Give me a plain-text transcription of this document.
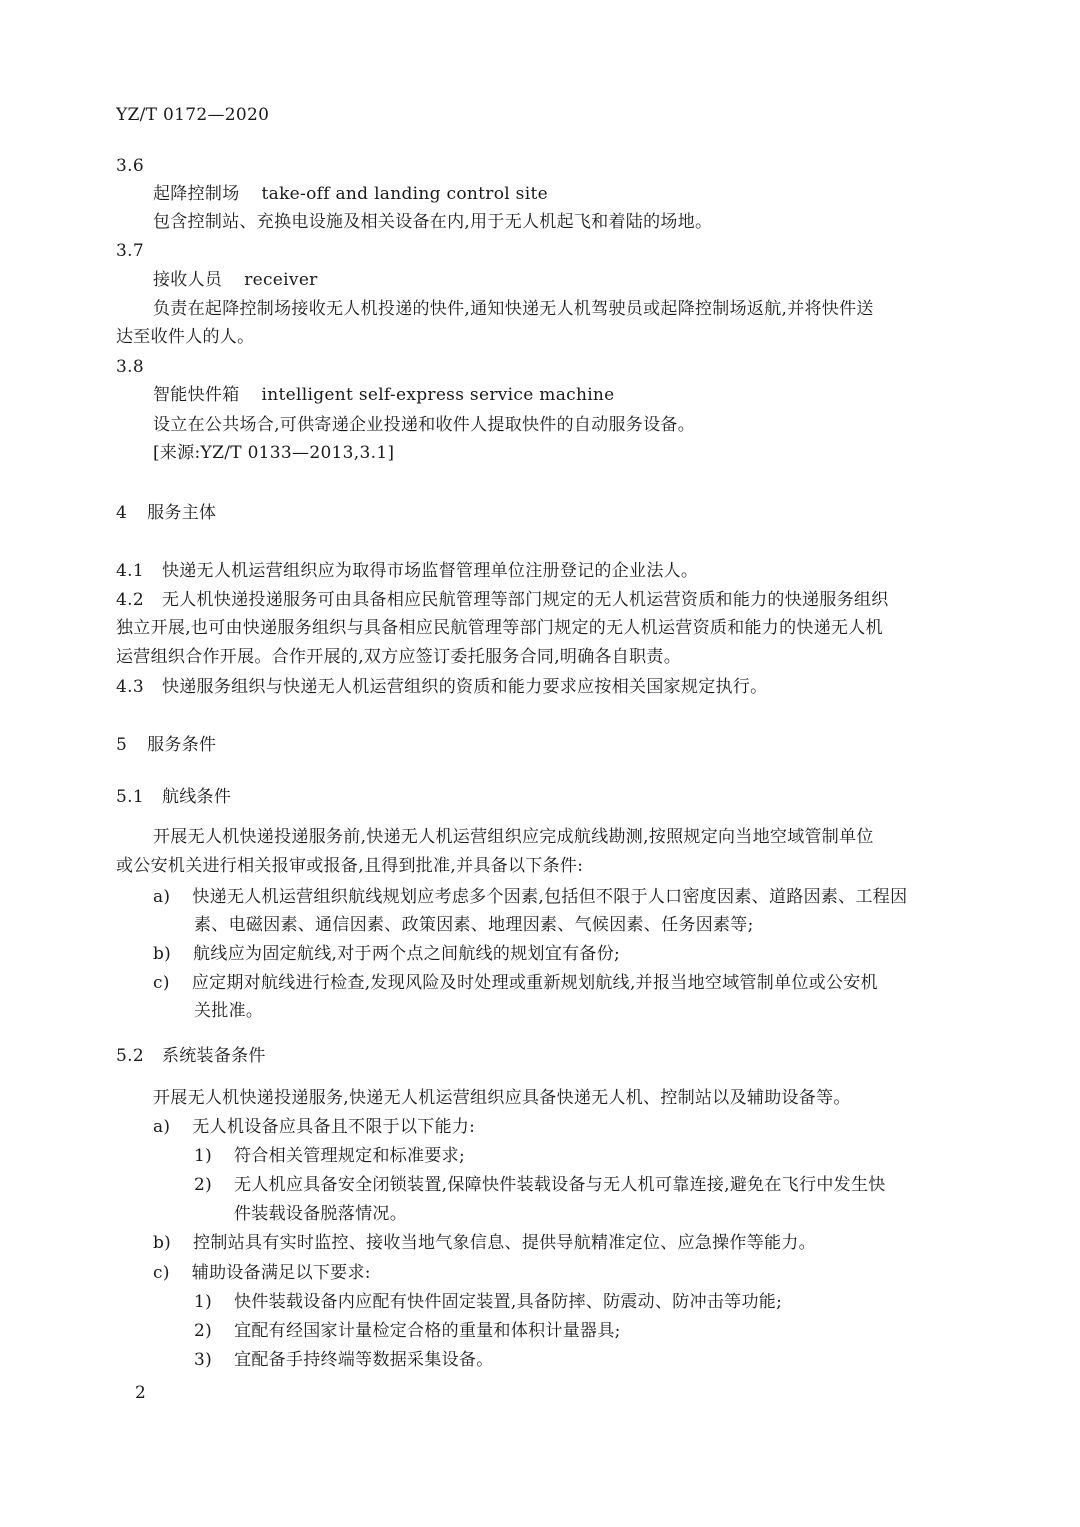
YZ/T 0172—2020
3.6
起降控制场 take-off and landing control site
包含控制站、充换电设施及相关设备在内,用于无人机起飞和着陆的场地。
3.7
接收人员 receiver
负责在起降控制场接收无人机投递的快件,通知快递无人机驾驶员或起降控制场返航,并将快件送
达至收件人的人。
3.8
智能快件箱 intelligent self-express service machine
设立在公共场合,可供寄递企业投递和收件人提取快件的自动服务设备。
[来源:YZ/T 0133—2013,3.1]
4 服务主体
4.1 快递无人机运营组织应为取得市场监督管理单位注册登记的企业法人。
4.2 无人机快递投递服务可由具备相应民航管理等部门规定的无人机运营资质和能力的快递服务组织
独立开展,也可由快递服务组织与具备相应民航管理等部门规定的无人机运营资质和能力的快递无人机
运营组织合作开展。合作开展的,双方应签订委托服务合同,明确各自职责。
4.3 快递服务组织与快递无人机运营组织的资质和能力要求应按相关国家规定执行。
5 服务条件
5.1 航线条件
开展无人机快递投递服务前,快递无人机运营组织应完成航线勘测,按照规定向当地空域管制单位
或公安机关进行相关报审或报备,且得到批准,并具备以下条件:
a) 快递无人机运营组织航线规划应考虑多个因素,包括但不限于人口密度因素、道路因素、工程因
素、电磁因素、通信因素、政策因素、地理因素、气候因素、任务因素等;
b) 航线应为固定航线,对于两个点之间航线的规划宜有备份;
c) 应定期对航线进行检查,发现风险及时处理或重新规划航线,并报当地空域管制单位或公安机
关批准。
5.2 系统装备条件
开展无人机快递投递服务,快递无人机运营组织应具备快递无人机、控制站以及辅助设备等。
a) 无人机设备应具备且不限于以下能力:
1) 符合相关管理规定和标准要求;
2) 无人机应具备安全闭锁装置,保障快件装载设备与无人机可靠连接,避免在飞行中发生快
件装载设备脱落情况。
b) 控制站具有实时监控、接收当地气象信息、提供导航精准定位、应急操作等能力。
c) 辅助设备满足以下要求:
1) 快件装载设备内应配有快件固定装置,具备防摔、防震动、防冲击等功能;
2) 宜配有经国家计量检定合格的重量和体积计量器具;
3) 宜配备手持终端等数据采集设备。
2
